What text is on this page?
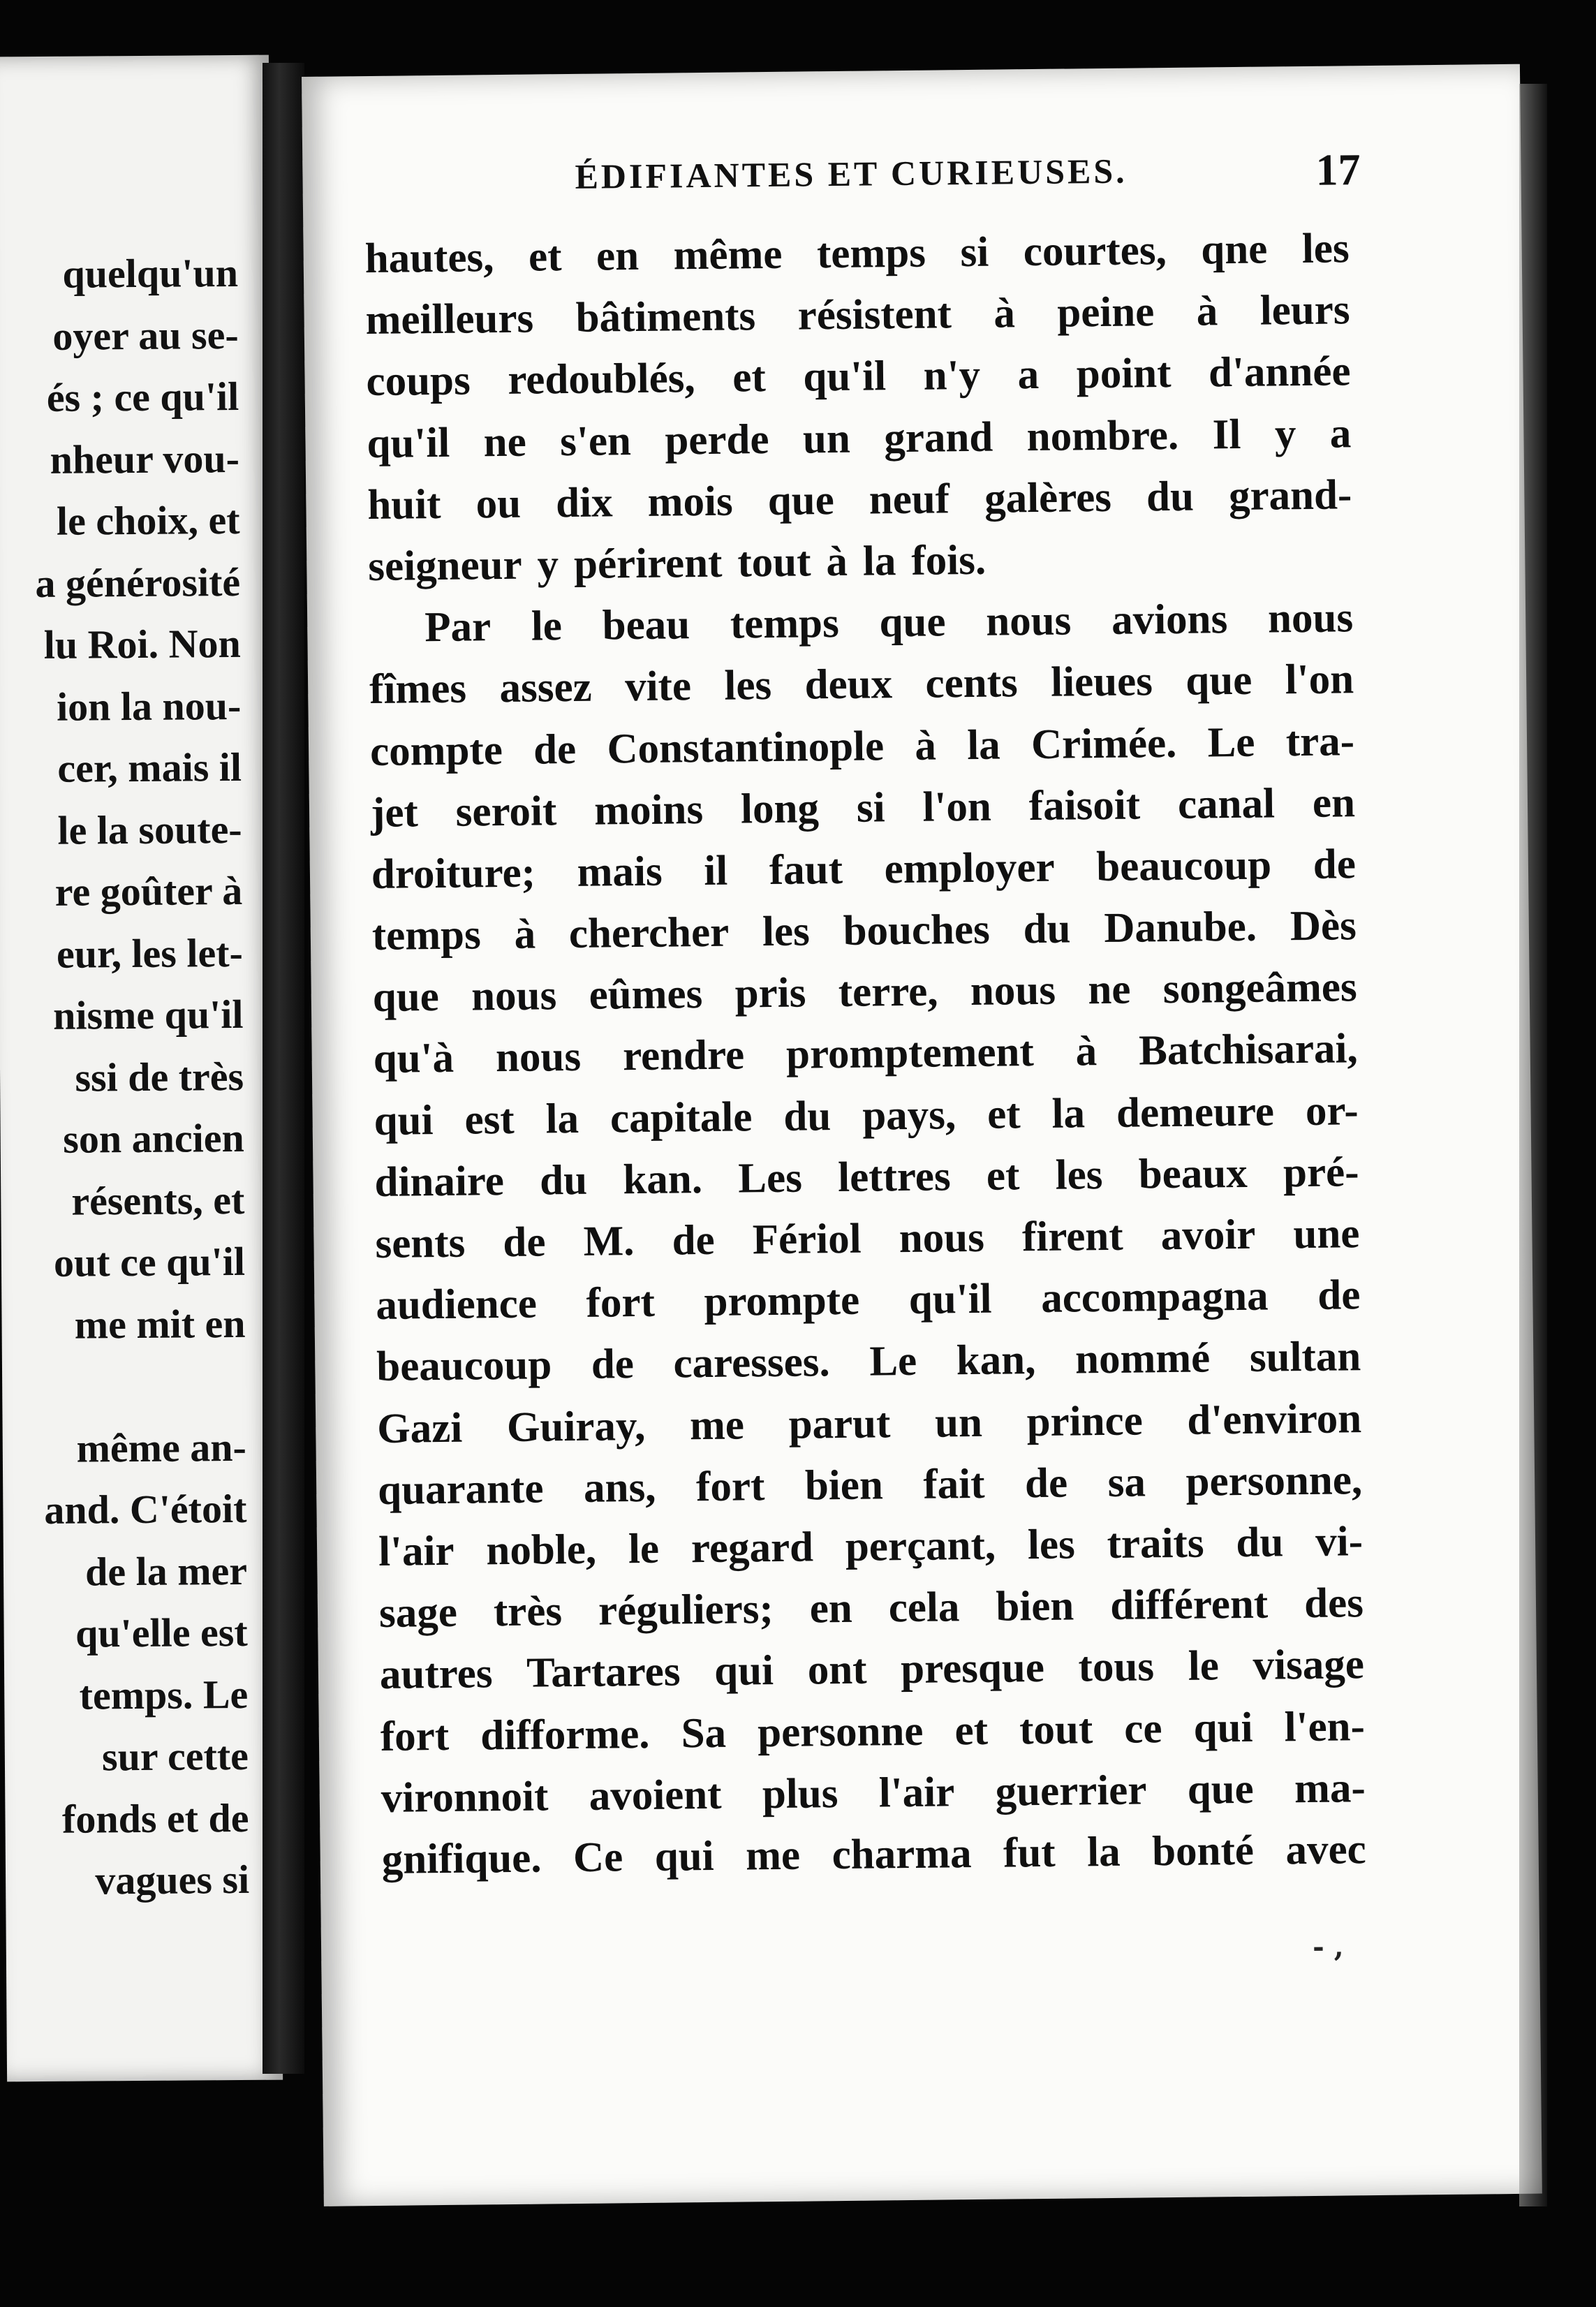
quelqu'un
oyer au se-
és ; ce qu'il
nheur vou-
le choix, et
a générosité
lu Roi. Non
ion la nou-
cer, mais il
le la soute-
re goûter à
eur, les let-
nisme qu'il
ssi de très
son ancien
résents, et
out ce qu'il
me mit en
même an-
and. C'étoit
de la mer
qu'elle est
temps. Le
sur cette
fonds et de
vagues si
ÉDIFIANTES ET CURIEUSES.	17
hautes, et en même temps si courtes, qne les
meilleurs bâtiments résistent à peine à leurs
coups redoublés, et qu'il n'y a point d'année
qu'il ne s'en perde un grand nombre. Il y a
huit ou dix mois que neuf galères du grand-
seigneur y périrent tout à la fois.
Par le beau temps que nous avions nous
fîmes assez vite les deux cents lieues que l'on
compte de Constantinople à la Crimée. Le tra-
jet seroit moins long si l'on faisoit canal en
droiture; mais il faut employer beaucoup de
temps à chercher les bouches du Danube. Dès
que nous eûmes pris terre, nous ne songeâmes
qu'à nous rendre promptement à Batchisarai,
qui est la capitale du pays, et la demeure or-
dinaire du kan. Les lettres et les beaux pré-
sents de M. de Fériol nous firent avoir une
audience fort prompte qu'il accompagna de
beaucoup de caresses. Le kan, nommé sultan
Gazi Guiray, me parut un prince d'environ
quarante ans, fort bien fait de sa personne,
l'air noble, le regard perçant, les traits du vi-
sage très réguliers; en cela bien différent des
autres Tartares qui ont presque tous le visage
fort difforme. Sa personne et tout ce qui l'en-
vironnoit avoient plus l'air guerrier que ma-
gnifique. Ce qui me charma fut la bonté avec
- ,
